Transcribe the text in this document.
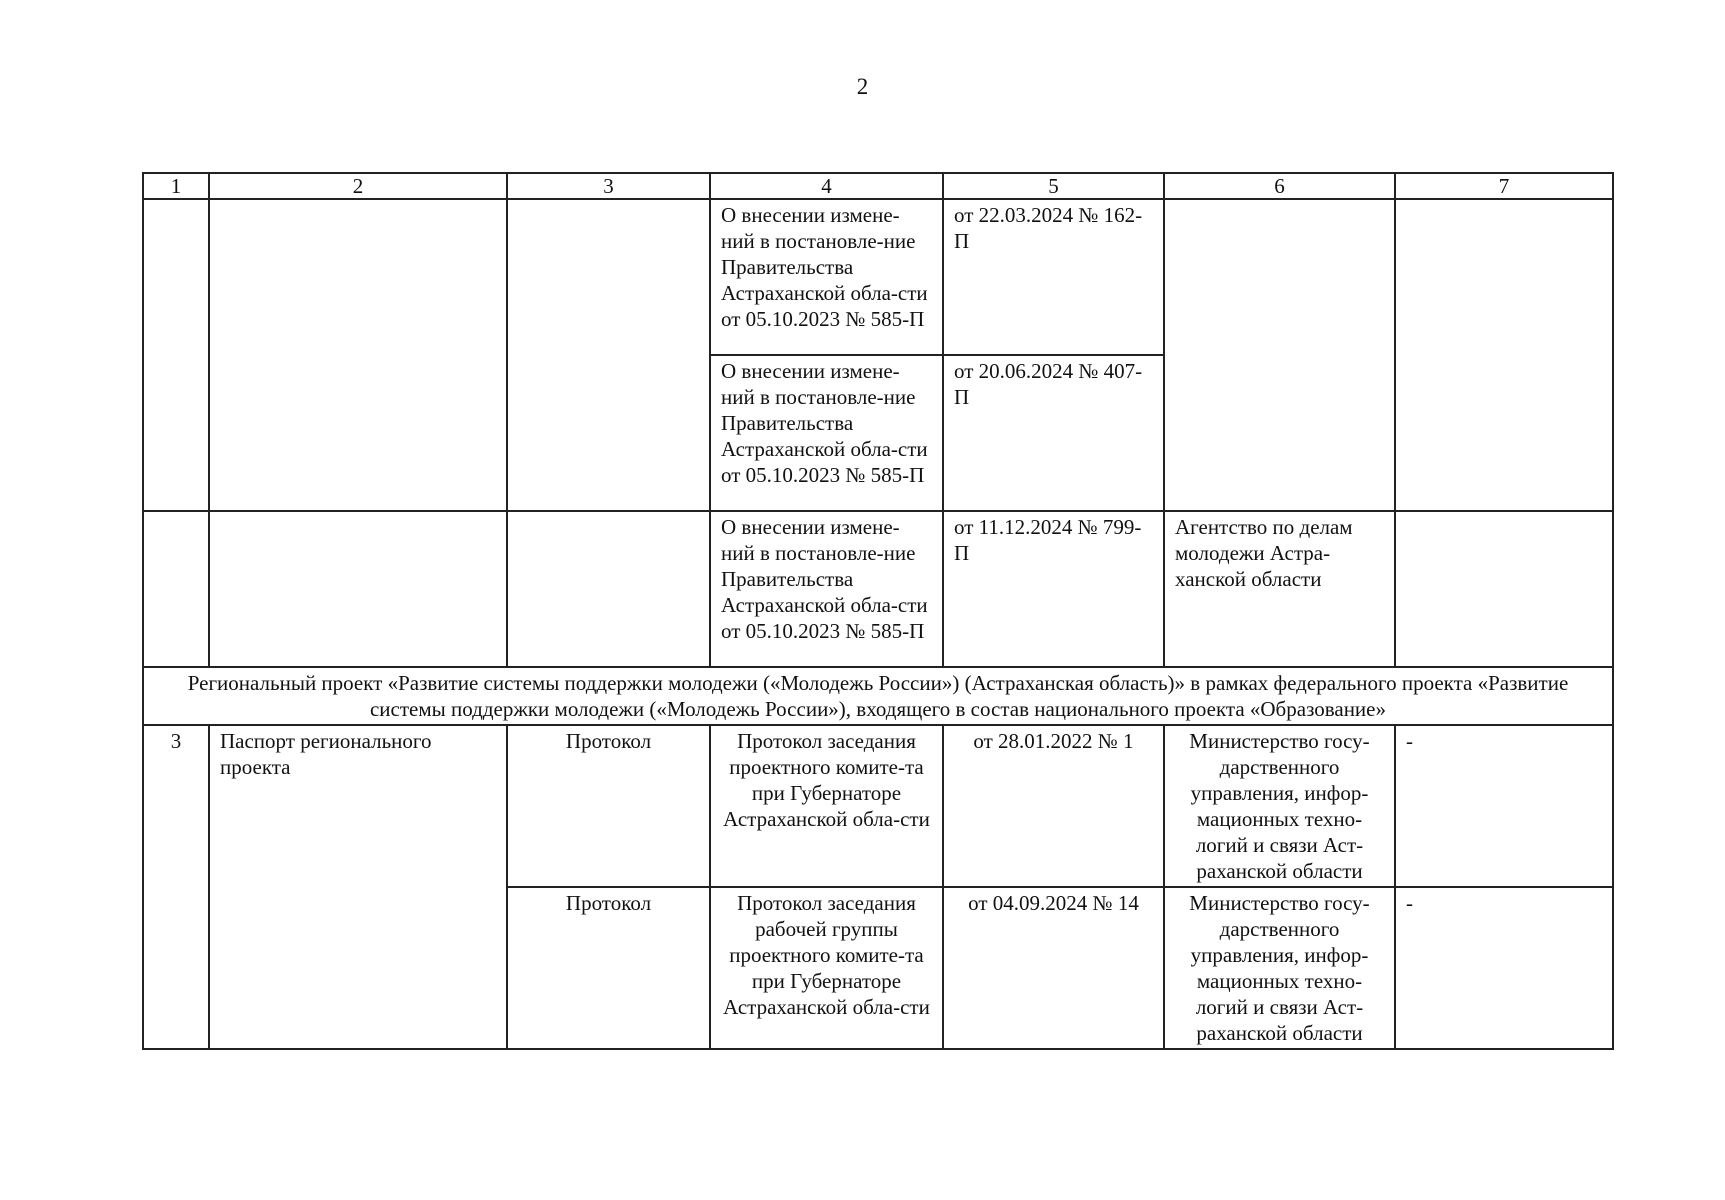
2
1	2	3	4	5	6	7
			О внесении измене-ний в постановле-ние Правительства Астраханской обла-сти от 05.10.2023 № 585-П	от 22.03.2024 № 162-П		
			О внесении измене-ний в постановле-ние Правительства Астраханской обла-сти от 05.10.2023 № 585-П	от 20.06.2024 № 407-П		
			О внесении измене-ний в постановле-ние Правительства Астраханской обла-сти от 05.10.2023 № 585-П	от 11.12.2024 № 799-П	Агентство по делам молодежи Астра-ханской области	
Региональный проект «Развитие системы поддержки молодежи («Молодежь России») (Астраханская область)» в рамках федерального проекта «Развитие системы поддержки молодежи («Молодежь России»), входящего в состав национального проекта «Образование»						
3	Паспорт регионального проекта	Протокол	Протокол заседания проектного комите-та при Губернаторе Астраханской обла-сти	от 28.01.2022 № 1	Министерство госу-дарственного управления, инфор-мационных техно-логий и связи Аст-раханской области	-
		Протокол	Протокол заседания рабочей группы проектного комите-та при Губернаторе Астраханской обла-сти	от 04.09.2024 № 14	Министерство госу-дарственного управления, инфор-мационных техно-логий и связи Аст-раханской области	-
